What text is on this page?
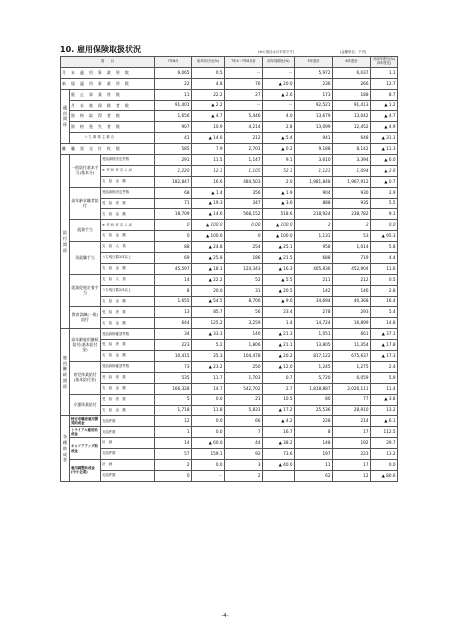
10. 雇用保険取扱状況	(※の項目は月平均です)	(金額単位：千円)
項　　目			7年6月	前年同月比(%)	7年4～7年6月計	前年同期比(%)	5年度計	6年度計	対前年度比(%)　(5年度比)
月　末　適　用　事　業　所　数			6,065	0.5	－	－	5,972	6,037	1.1
新　規　適　用　事　業　所　数			22	4.8	76	▲ 20.0	236	266	12.7
適用関係	廃　止　事　業　所　数		11	22.2	27	▲ 2.6	173	188	8.7
	月　末　被　保　険　者　数		91,401	▲ 2.2	－	－	92,521	91,413	▲ 1.2
	資　格　取　得　者　数		1,656	▲ 4.7	5,446	4.0	13,679	13,042	▲ 4.7
	資　格　喪　失　者　数		907	10.9	4,214	2.8	13,099	12,452	▲ 4.9
	う ち 事 業 主 都 合		41	▲ 14.6	212	▲ 5.4	941	648	▲ 31.1
離　職　票　交　付　枚　数			585	7.9	2,701	▲ 0.2	9,188	8,142	▲ 11.3
給付関係	一般給付基本手当(基本分)	受給資格決定件数	291	11.5	1,147	9.1	3,610	3,394	▲ 6.0
		※ 受 給 者 実 人 員	1,220	12.1	1,105	52.1	1,123	1,094	▲ 2.6
		支　給　金　額	182,847	16.6	484,503	2.0	1,981,848	1,967,912	▲ 0.7
	高年齢求職者給付	受給資格決定件数	68	▲ 1.4	356	▲ 1.9	904	930	2.9
		受　給　者　数	71	▲ 19.3	347	▲ 3.6	888	935	5.5
		支　給　金　額	18,709	▲ 14.6	568,152	518.6	218,924	238,782	9.1
	就業手当	※ 受 給 者 実 人 員	0	▲ 100.0	0.00	▲ 100.0	2	2	0.0
		支　給　金　額	0	▲ 100.0	0	▲ 100.0	1,131	53	▲ 95.3
	再就職手当	支　給　人　員	88	▲ 24.8	254	▲ 25.1	958	1,014	5.8
		うち残日数2/3以上	69	▲ 25.8	186	▲ 21.5	688	719	4.4
		支　給　金　額	45,597	▲ 18.1	124,343	▲ 16.3	405,836	452,904	11.6
	就業促進定着手当	支　給　人　員	14	▲ 22.2	52	▲ 5.5	211	212	0.5
		うち残日数2/3以上	8	20.0	31	▲ 20.5	142	146	2.8
		支　給　金　額	1,655	▲ 54.5	8,700	▲ 9.0	34,694	40,368	16.4
	教育訓練(一般)給付	受　給　者　数	13	85.7	56	23.4	278	293	5.4
		支　給　金　額	644	125.2	3,259	1.4	14,724	16,899	14.8
雇用継続関係	高年齢雇用継続給付(基本給付金)	受給資格確認件数	34	▲ 33.3	140	▲ 21.3	1,051	661	▲ 37.1
		受　給　者　数	223	5.2	1,806	▲ 21.1	13,805	11,354	▲ 17.8
		支　給　金　額	10,415	25.3	104,478	▲ 20.2	817,122	675,637	▲ 17.3
	育児休業給付(基本給付金)	受給資格確認件数	73	▲ 23.2	250	▲ 12.0	1,245	1,275	2.4
		受　給　者　数	535	11.7	1,703	0.7	5,720	6,059	5.9
		支　給　金　額	166,328	14.7	542,702	2.7	1,818,887	2,026,111	11.4
	介護休業給付	受　給　者　数	5	0.0	21	10.5	80	77	▲ 3.8
		支　給　金　額	1,718	11.8	5,831	▲ 17.2	25,536	28,910	13.2
各種助成金	特定求職者雇用開発助成金	支給件数	12	0.0	66	▲ 4.2	228	214	▲ 6.1
	トライアル雇用助成金	支給件数	1	0.0	7	16.7	8	17	112.5
	キャリアアップ助成金	計　画	14	▲ 60.0	44	▲ 38.2	148	192	29.7
		支給件数	57	159.1	92	73.6	197	223	13.2
	雇用調整助成金(中小企業)	計　画	2	0.0	3	▲ 40.0	11	17	0.0
		支給件数	0	－	2		62	12	▲ 80.6
-4-
